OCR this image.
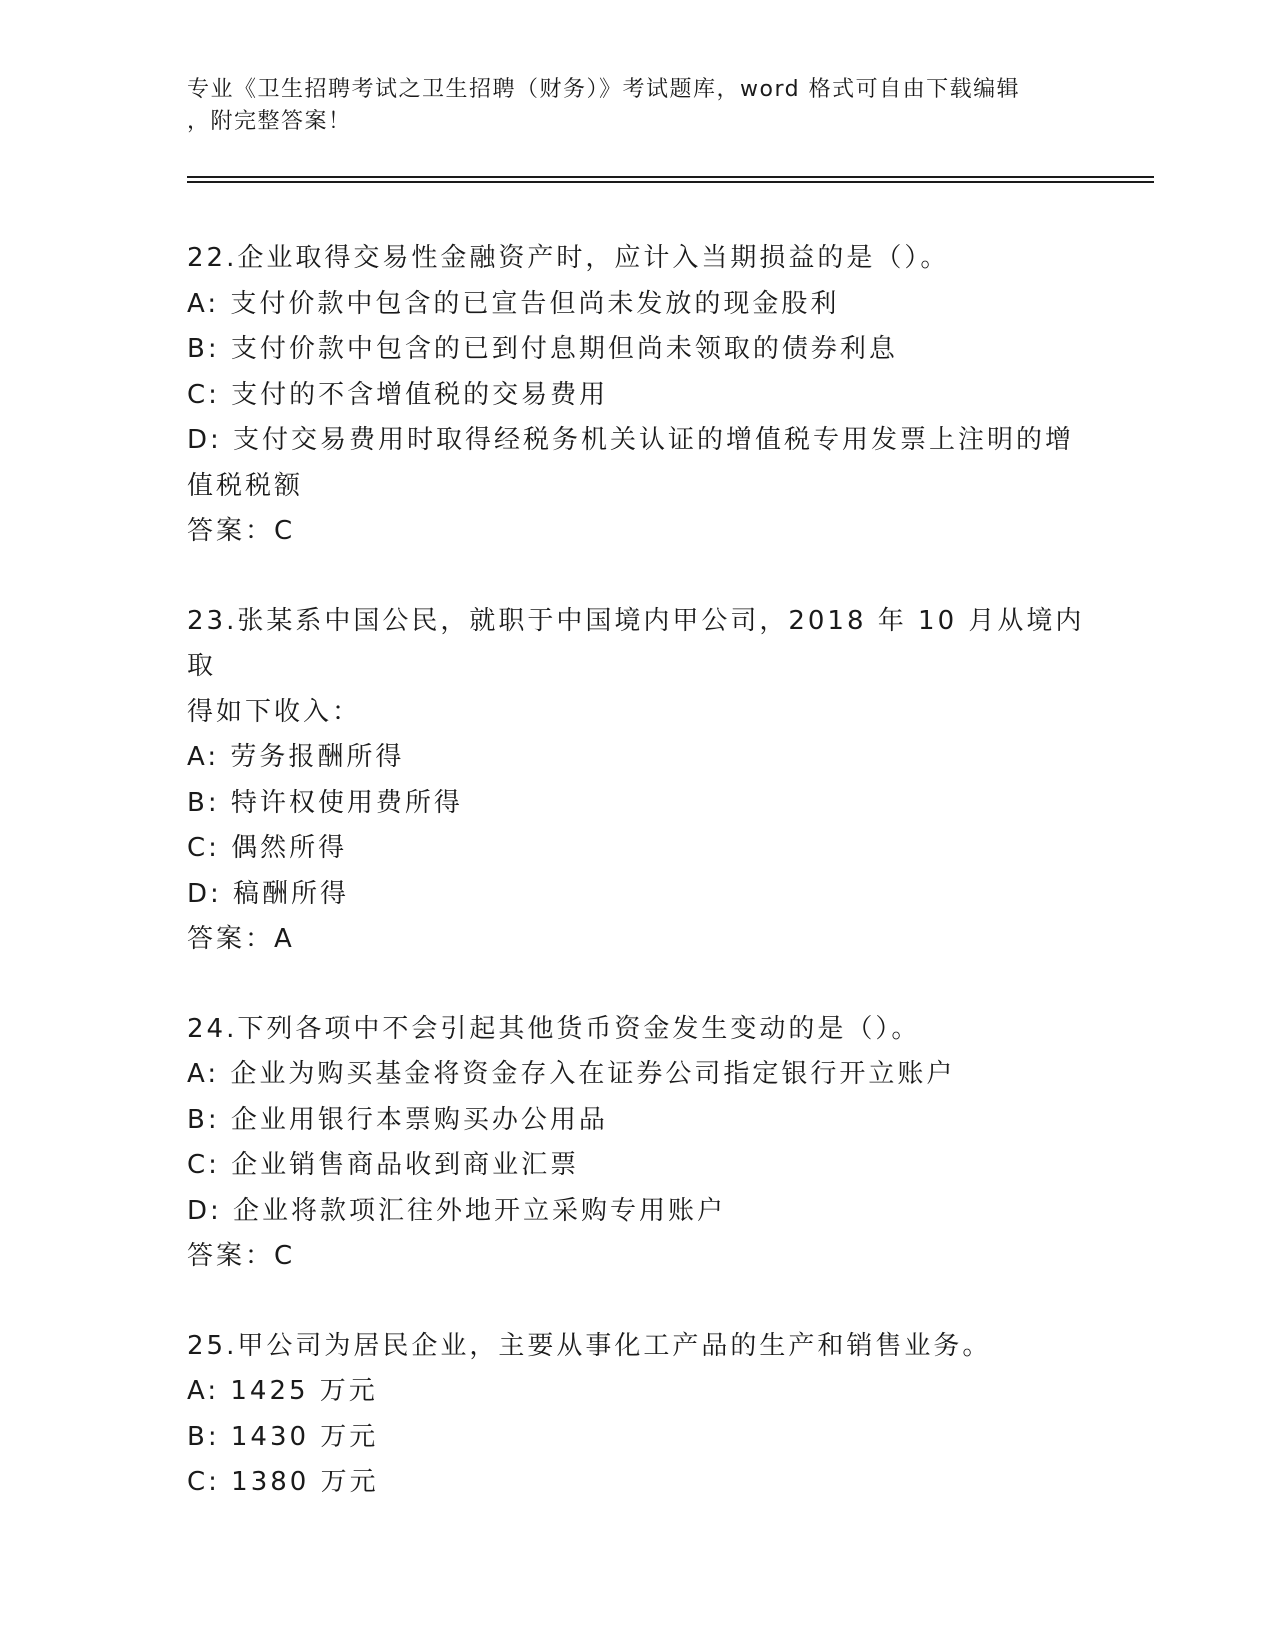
专业《卫生招聘考试之卫生招聘（财务）》考试题库，word 格式可自由下载编辑
，附完整答案！
22.企业取得交易性金融资产时，应计入当期损益的是（）。
A: 支付价款中包含的已宣告但尚未发放的现金股利
B: 支付价款中包含的已到付息期但尚未领取的债券利息
C: 支付的不含增值税的交易费用
D: 支付交易费用时取得经税务机关认证的增值税专用发票上注明的增
值税税额
答案：C
23.张某系中国公民，就职于中国境内甲公司，2018 年 10 月从境内取
得如下收入：
A: 劳务报酬所得
B: 特许权使用费所得
C: 偶然所得
D: 稿酬所得
答案：A
24.下列各项中不会引起其他货币资金发生变动的是（）。
A: 企业为购买基金将资金存入在证券公司指定银行开立账户
B: 企业用银行本票购买办公用品
C: 企业销售商品收到商业汇票
D: 企业将款项汇往外地开立采购专用账户
答案：C
25.甲公司为居民企业，主要从事化工产品的生产和销售业务。
A: 1425 万元
B: 1430 万元
C: 1380 万元
